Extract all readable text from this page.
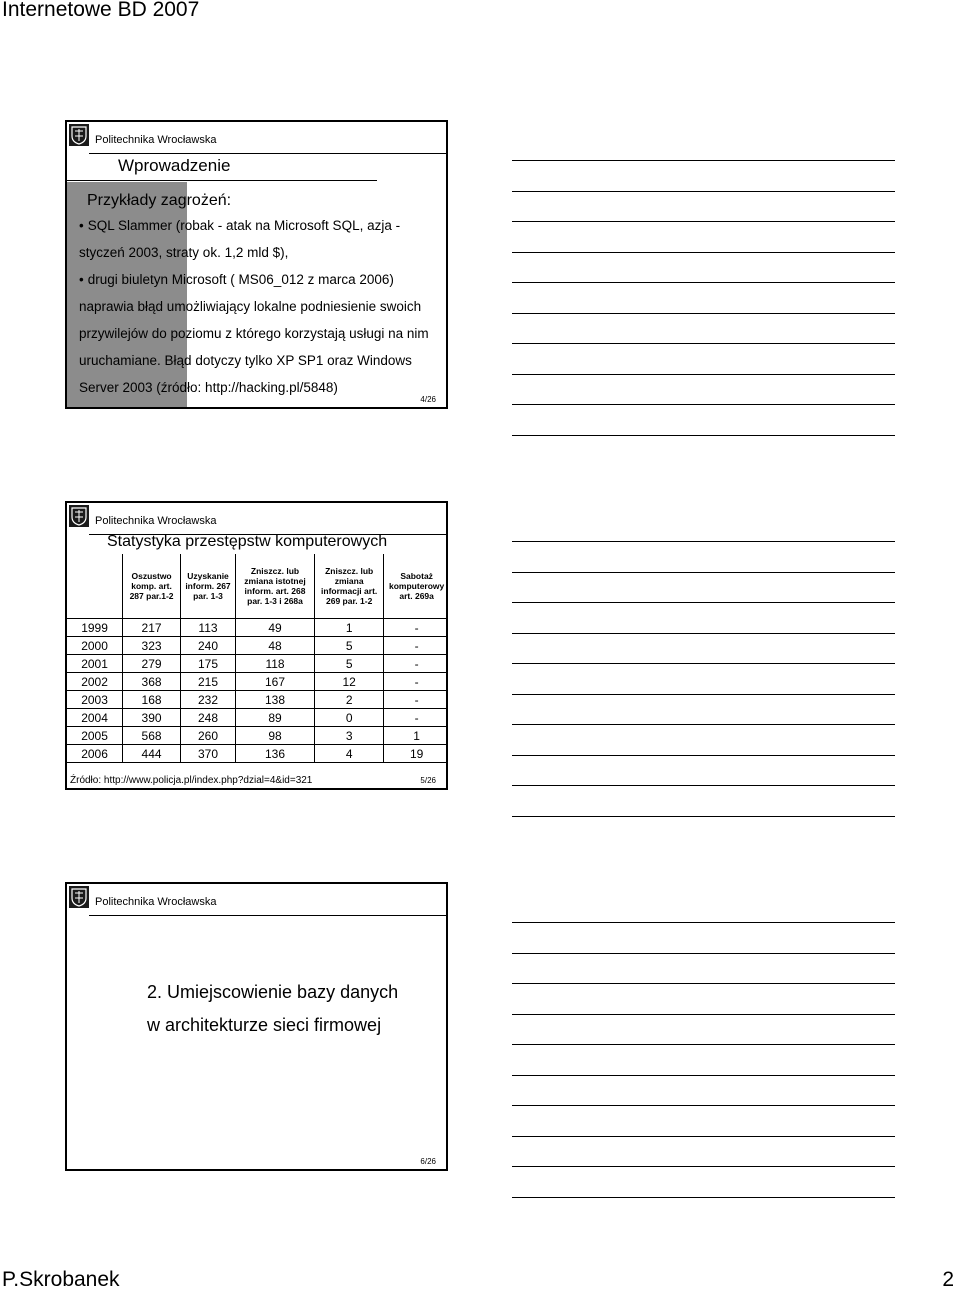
Internetowe BD 2007
Politechnika Wrocławska
Wprowadzenie
Przykłady zagrożeń:

• SQL Slammer (robak - atak na Microsoft SQL, azja -

styczeń 2003, straty ok. 1,2 mld $),

• drugi biuletyn Microsoft ( MS06_012 z marca 2006)

naprawia błąd umożliwiający lokalne podniesienie swoich

przywilejów do poziomu z którego korzystają usługi na nim

uruchamiane. Błąd dotyczy tylko XP SP1 oraz Windows

Server 2003 (źródło: http://hacking.pl/5848)

4/26
Politechnika Wrocławska
Statystyka przestępstw komputerowych
	Oszustwo komp. art. 287 par.1-2	Uzyskanie inform. 267 par. 1-3	Zniszcz. lub zmiana istotnej inform. art. 268 par. 1-3 i 268a	Zniszcz. lub zmiana informacji art. 269 par. 1-2	Sabotaż komputerowy art. 269a
1999	217	113	49	1	-
2000	323	240	48	5	-
2001	279	175	118	5	-
2002	368	215	167	12	-
2003	168	232	138	2	-
2004	390	248	89	0	-
2005	568	260	98	3	1
2006	444	370	136	4	19
Źródło: http://www.policja.pl/index.php?dzial=4&id=321	5/26
Politechnika Wrocławska
2. Umiejscowienie bazy danych
w architekturze sieci firmowej
6/26
P.Skrobanek	2
